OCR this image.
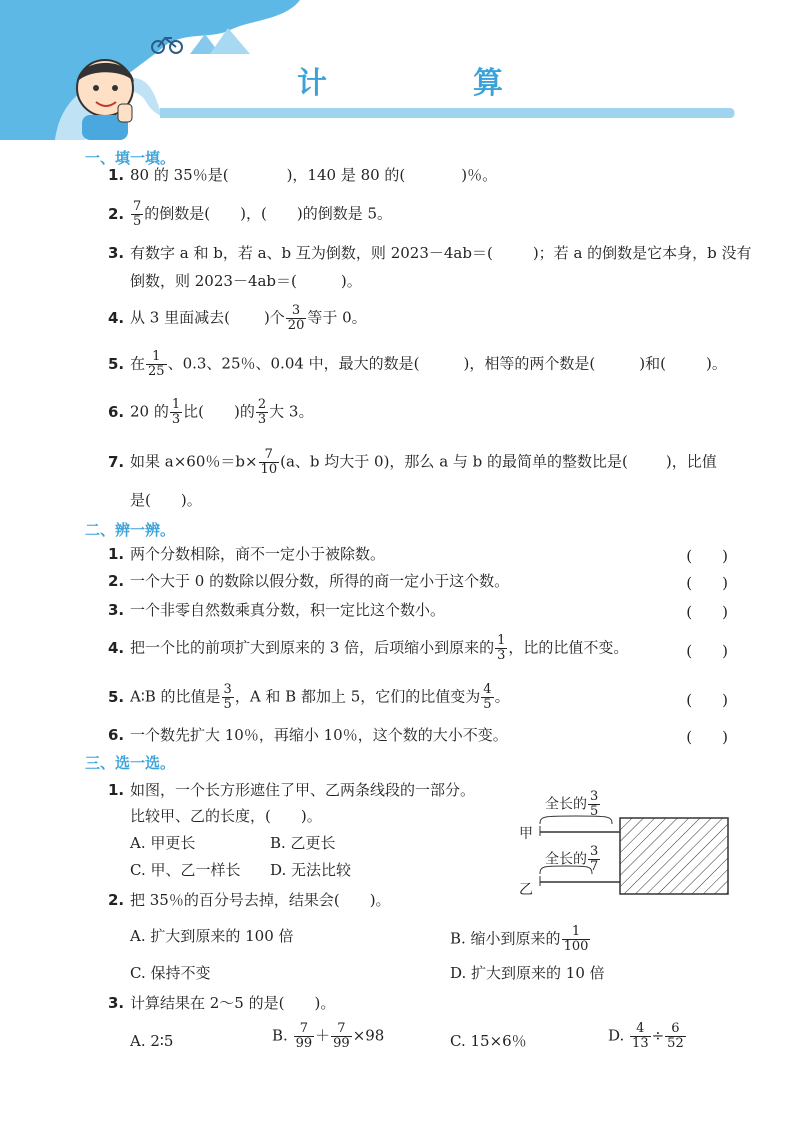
计　算
一、填一填。
1. 80 的 35％是(	)，140 是 80 的(	)％。
2. $\frac{7}{5}$ 的倒数是( )，( )的倒数是 5。
3. 有数字 a 和 b，若 a、b 互为倒数，则 2023－4ab＝(	)；若 a 的倒数是它本身，b 没有
倒数，则 2023－4ab＝(	)。
4. 从 3 里面减去( )个 $\frac{3}{20}$ 等于 0。
5. 在 $\frac{1}{25}$ 、0.3、25％、0.04 中，最大的数是(	)，相等的两个数是(	)和(	)。
6. 20 的 $\frac{1}{3}$ 比( )的 $\frac{2}{3}$ 大 3。
7. 如果 a×60％$=b\times \frac{7}{10} (a$、b 均大于 0)，那么 a 与 b 的最简单的整数比是(	)，比值
是( )。
二、辨一辨。
1. 两个分数相除，商不一定小于被除数。	(　　)
2. 一个大于 0 的数除以假分数，所得的商一定小于这个数。	(　　)
3. 一个非零自然数乘真分数，积一定比这个数小。	(　　)
4. 把一个比的前项扩大到原来的 3 倍，后项缩小到原来的 $\frac{1}{3}$ ，比的比值不变。	(　　)
5. A∶B 的比值是 $\frac{3}{5}$ ，A 和 B 都加上 5，它们的比值变为 $\frac{4}{5}$ 。	(　　)
6. 一个数先扩大 10％，再缩小 10％，这个数的大小不变。	(　　)
三、选一选。
1. 如图，一个长方形遮住了甲、乙两条线段的一部分。
比较甲、乙的长度，(　　)。
A. 甲更长	B. 乙更长
C. 甲、乙一样长 D. 无法比较
全长的 $\frac{3}{5}$
全长的 $\frac{3}{7}$
甲
乙
2. 把 35％的百分号去掉，结果会(　　)。
A. 扩大到原来的 100 倍	B. 缩小到原来的 $\frac{1}{100}$
C. 保持不变	D. 扩大到原来的 10 倍
3. 计算结果在 2～5 的是(　　)。
A. 2∶5	B. $\frac{7}{99} + \frac{7}{99} \times 98$	C. 15×6％	D. $\frac{4}{13} \div \frac{6}{52}$
